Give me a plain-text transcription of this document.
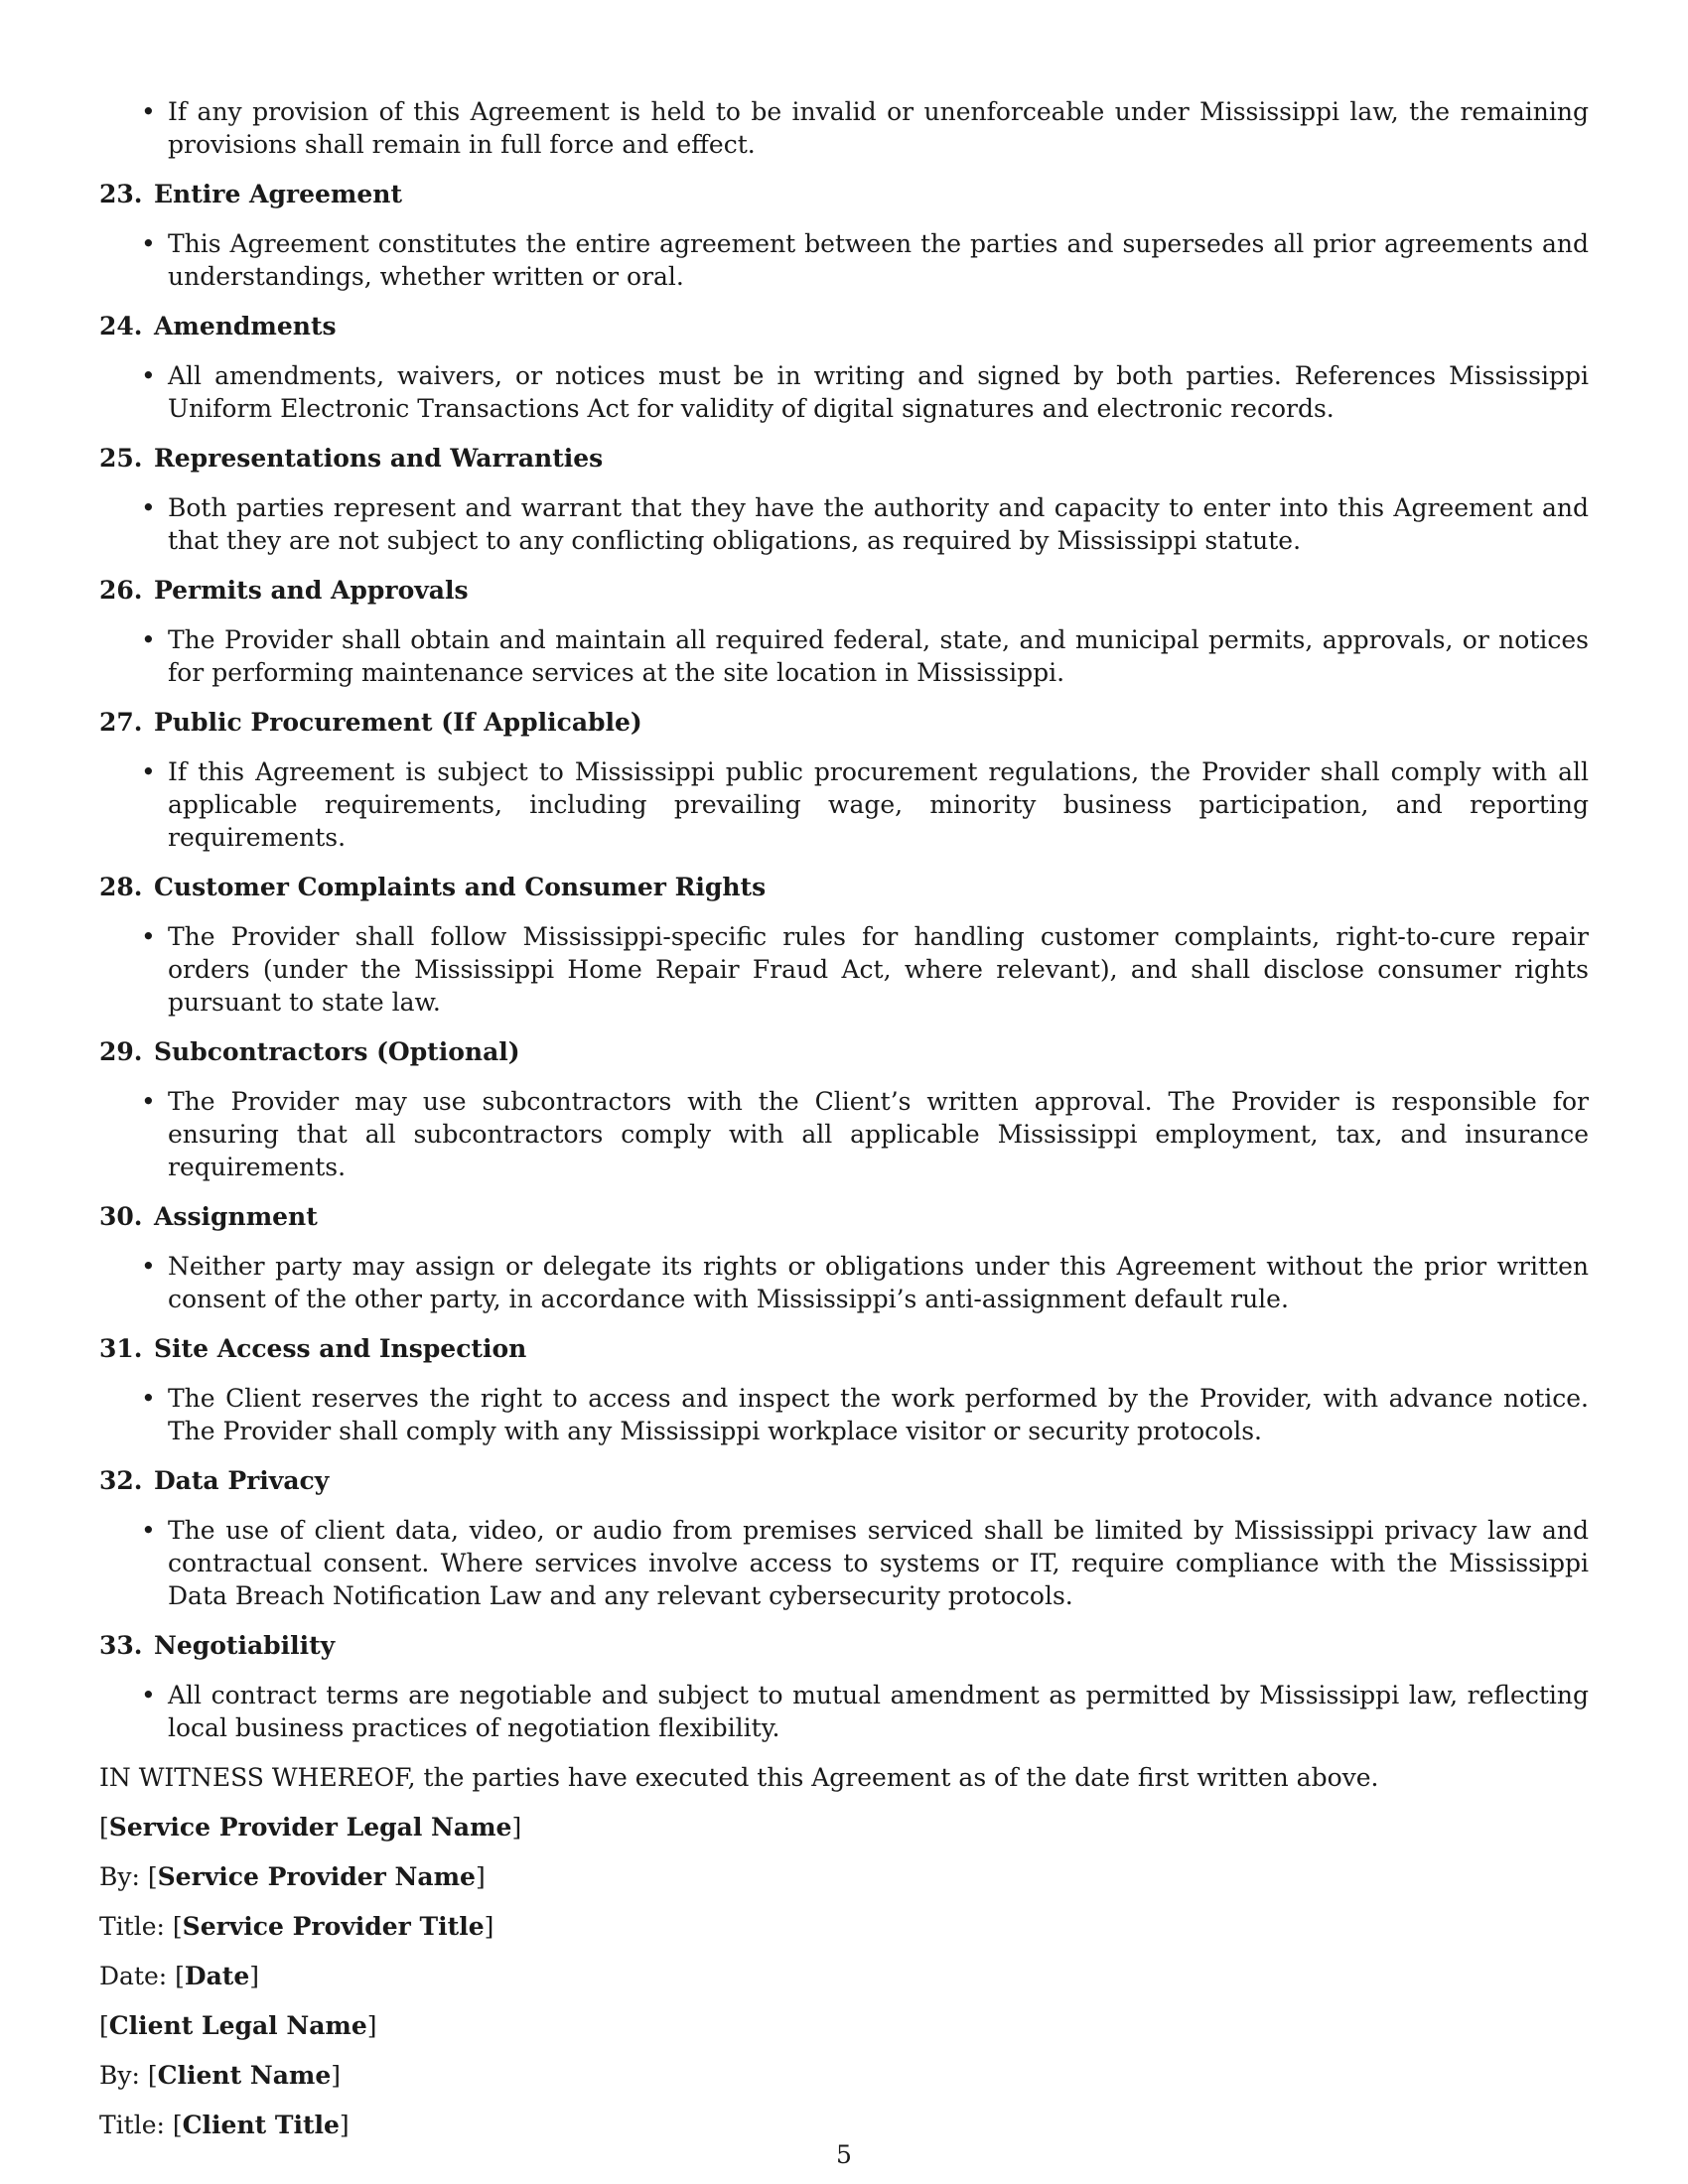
• If any provision of this Agreement is held to be invalid or unenforceable under Mississippi law, the remaining provisions shall remain in full force and effect.

23. Entire Agreement

• This Agreement constitutes the entire agreement between the parties and supersedes all prior agreements and understandings, whether written or oral.

24. Amendments

• All amendments, waivers, or notices must be in writing and signed by both parties. References Mississippi Uniform Electronic Transactions Act for validity of digital signatures and electronic records.

25. Representations and Warranties

• Both parties represent and warrant that they have the authority and capacity to enter into this Agreement and that they are not subject to any conflicting obligations, as required by Mississippi statute.

26. Permits and Approvals

• The Provider shall obtain and maintain all required federal, state, and municipal permits, approvals, or notices for performing maintenance services at the site location in Mississippi.

27. Public Procurement (If Applicable)

• If this Agreement is subject to Mississippi public procurement regulations, the Provider shall comply with all applicable requirements, including prevailing wage, minority business participation, and reporting requirements.

28. Customer Complaints and Consumer Rights

• The Provider shall follow Mississippi-specific rules for handling customer complaints, right-to-cure repair orders (under the Mississippi Home Repair Fraud Act, where relevant), and shall disclose consumer rights pursuant to state law.

29. Subcontractors (Optional)

• The Provider may use subcontractors with the Client’s written approval. The Provider is responsible for ensuring that all subcontractors comply with all applicable Mississippi employment, tax, and insurance requirements.

30. Assignment

• Neither party may assign or delegate its rights or obligations under this Agreement without the prior written consent of the other party, in accordance with Mississippi’s anti-assignment default rule.

31. Site Access and Inspection

• The Client reserves the right to access and inspect the work performed by the Provider, with advance notice. The Provider shall comply with any Mississippi workplace visitor or security protocols.

32. Data Privacy

• The use of client data, video, or audio from premises serviced shall be limited by Mississippi privacy law and contractual consent. Where services involve access to systems or IT, require compliance with the Mississippi Data Breach Notification Law and any relevant cybersecurity protocols.

33. Negotiability

• All contract terms are negotiable and subject to mutual amendment as permitted by Mississippi law, reflecting local business practices of negotiation flexibility.

IN WITNESS WHEREOF, the parties have executed this Agreement as of the date first written above.

[Service Provider Legal Name]

By: [Service Provider Name]

Title: [Service Provider Title]

Date: [Date]

[Client Legal Name]

By: [Client Name]

Title: [Client Title]

5
